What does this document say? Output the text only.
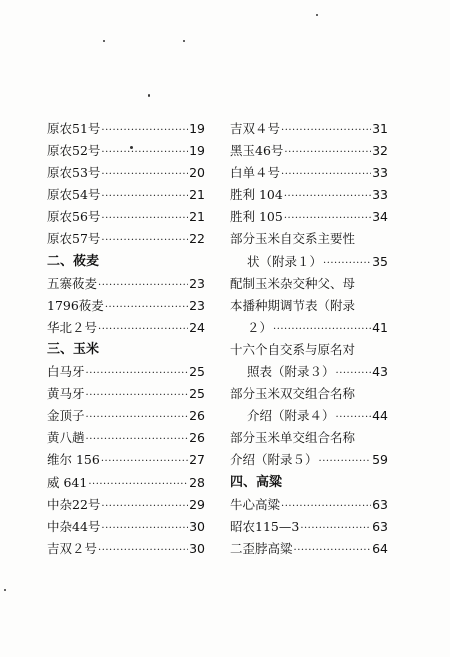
原农51号 ·····	19
原农52号 ·····	19
原农53号 ·····	20
原农54号 ·····	21
原农56号 ·····	21
原农57号 ·····	22
二、莜麦
五寨莜麦 ·····	23
1796莜麦 ·····	23
华北２号 ·····	24
三、玉米
白马牙 ·····	25
黄马牙 ·····	25
金顶子 ·····	26
黄八趟 ·····	26
维尔 156 ·····	27
威 641 ·····	28
中杂22号 ·····	29
中杂44号 ·····	30
吉双２号 ·····	30
吉双４号 ·····	31
黑玉46号 ·····	32
白单４号 ·····	33
胜利 104 ·····	33
胜利 105 ·····	34
部分玉米自交系主要性
状（附录１） ·····	35
配制玉米杂交种父、母
本播种期调节表（附录
２） ·····	41
十六个自交系与原名对
照表（附录３） ·····	43
部分玉米双交组合名称
介绍（附录４） ·····	44
部分玉米单交组合名称
介绍（附录５） ·····	59
四、高粱
牛心高粱 ·····	63
昭农115—3 ·····	63
二歪脖高粱 ·····	64
